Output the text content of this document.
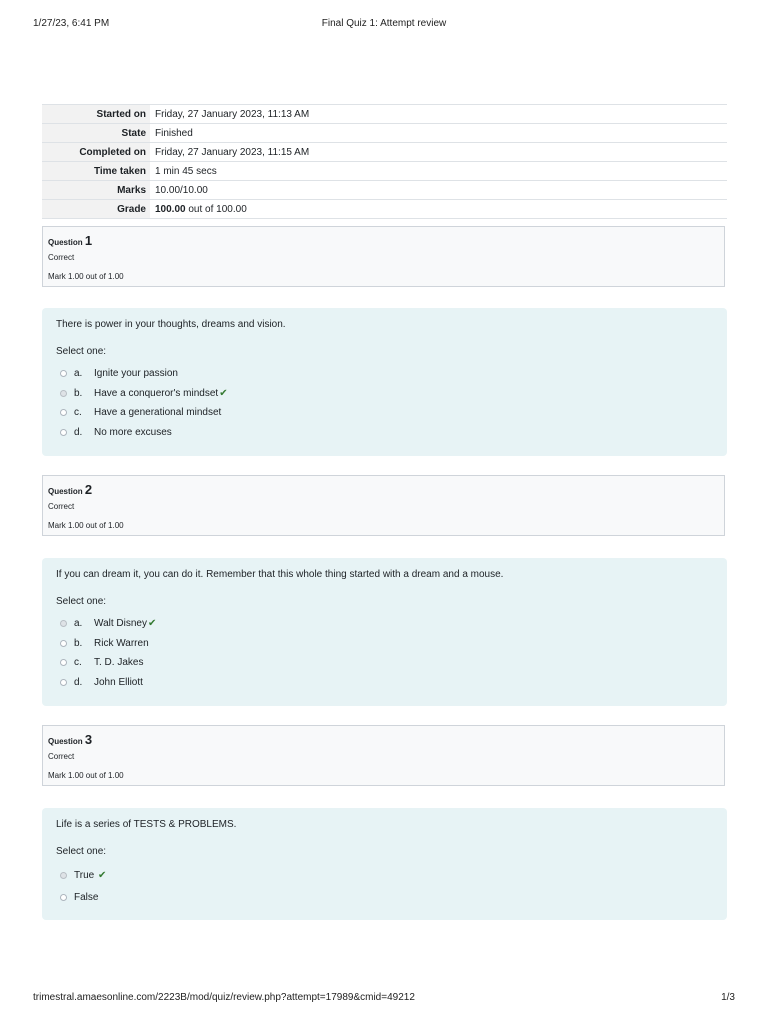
1/27/23, 6:41 PM	Final Quiz 1: Attempt review
Started on	Friday, 27 January 2023, 11:13 AM
State	Finished
Completed on	Friday, 27 January 2023, 11:15 AM
Time taken	1 min 45 secs
Marks	10.00/10.00
Grade	100.00 out of 100.00
Question 1
Correct
Mark 1.00 out of 1.00
There is power in your thoughts, dreams and vision.
Select one:
a.	Ignite your passion
b.	Have a conqueror's mindset ✔
c.	Have a generational mindset
d.	No more excuses
Question 2
Correct
Mark 1.00 out of 1.00
If you can dream it, you can do it. Remember that this whole thing started with a dream and a mouse.
Select one:
a.	Walt Disney ✔
b.	Rick Warren
c.	T. D. Jakes
d.	John Elliott
Question 3
Correct
Mark 1.00 out of 1.00
Life is a series of TESTS & PROBLEMS.
Select one:
True
✔
False
trimestral.amaesonline.com/2223B/mod/quiz/review.php?attempt=17989&cmid=49212	1/3
